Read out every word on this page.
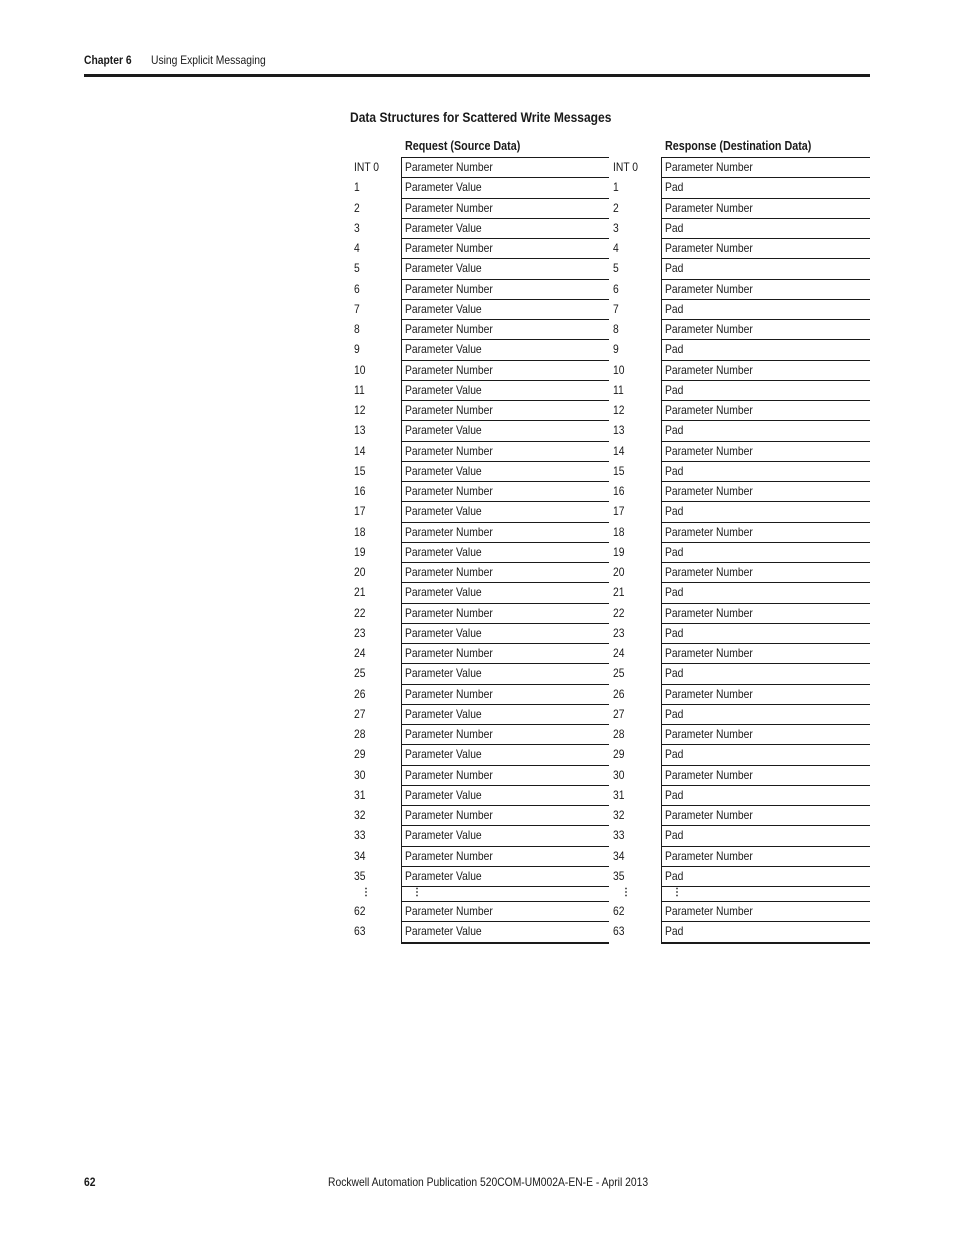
Chapter 6 Using Explicit Messaging
Data Structures for Scattered Write Messages
Request (Source Data)	Response (Destination Data)
INT 0 Parameter Number	INT 0 Parameter Number
1	Parameter Value	1	Pad
2	Parameter Number	2	Parameter Number
3	Parameter Value	3	Pad
4	Parameter Number	4	Parameter Number
5	Parameter Value	5	Pad
6	Parameter Number	6	Parameter Number
7	Parameter Value	7	Pad
8	Parameter Number	8	Parameter Number
9	Parameter Value	9	Pad
10	Parameter Number	10	Parameter Number
11	Parameter Value	11	Pad
12	Parameter Number	12	Parameter Number
13	Parameter Value	13	Pad
14	Parameter Number	14	Parameter Number
15	Parameter Value	15	Pad
16	Parameter Number	16	Parameter Number
17	Parameter Value	17	Pad
18	Parameter Number	18	Parameter Number
19	Parameter Value	19	Pad
20	Parameter Number	20	Parameter Number
21	Parameter Value	21	Pad
22	Parameter Number	22	Parameter Number
23	Parameter Value	23	Pad
24	Parameter Number	24	Parameter Number
25	Parameter Value	25	Pad
26	Parameter Number	26	Parameter Number
27	Parameter Value	27	Pad
28	Parameter Number	28	Parameter Number
29	Parameter Value	29	Pad
30	Parameter Number	30	Parameter Number
31	Parameter Value	31	Pad
32	Parameter Number	32	Parameter Number
33	Parameter Value	33	Pad
34	Parameter Number	34	Parameter Number
35	Parameter Value	35	Pad
⋮	⋮	⋮	⋮
62	Parameter Number	62	Parameter Number
63	Parameter Value	63	Pad
62	Rockwell Automation Publication 520COM-UM002A-EN-E - April 2013
